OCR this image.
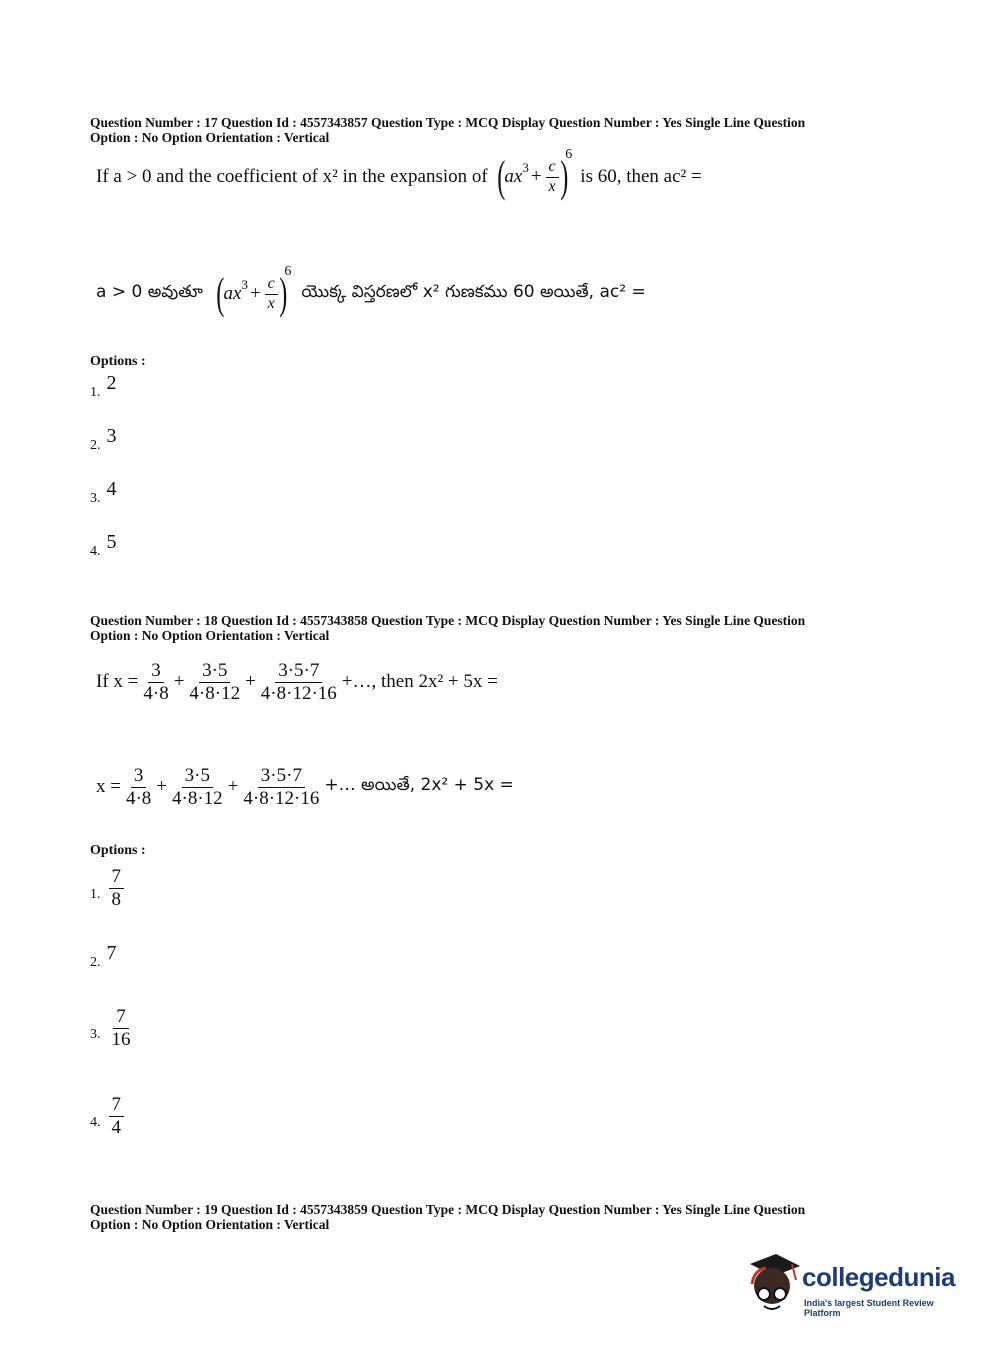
Question Number : 17 Question Id : 4557343857 Question Type : MCQ Display Question Number : Yes Single Line Question
Option : No Option Orientation : Vertical
If a > 0 and the coefficient of x² in the expansion of ( ax $3 + \frac{c}{x}$ )
6
is 60, then ac² =
a > 0 అవుతూ ( ax $3 + \frac{c}{x}$ )
6
యొక్క విస్తరణలో x² గుణకము 60 అయితే, ac² =
Options :
1. 2
2. 3
3. 4
4. 5
Question Number : 18 Question Id : 4557343858 Question Type : MCQ Display Question Number : Yes Single Line Question
Option : No Option Orientation : Vertical
If $x = \frac{3}{4\cdot 8} + \frac{3\cdot 5}{4\cdot 8\cdot 12} + \frac{3\cdot 5\cdot 7}{4\cdot 8\cdot 12\cdot 16}$ +…, then 2x² + 5x =
$x = \frac{3}{4\cdot 8} + \frac{3\cdot 5}{4\cdot 8\cdot 12} + \frac{3\cdot 5\cdot 7}{4\cdot 8\cdot 12\cdot 16}$ +… అయితే, 2x² + 5x =
Options :
1. $\frac{7}{8}$
2. 7
3. $\frac{7}{16}$
4. $\frac{7}{4}$
Question Number : 19 Question Id : 4557343859 Question Type : MCQ Display Question Number : Yes Single Line Question
Option : No Option Orientation : Vertical
collegedunia
India's largest Student Review Platform
